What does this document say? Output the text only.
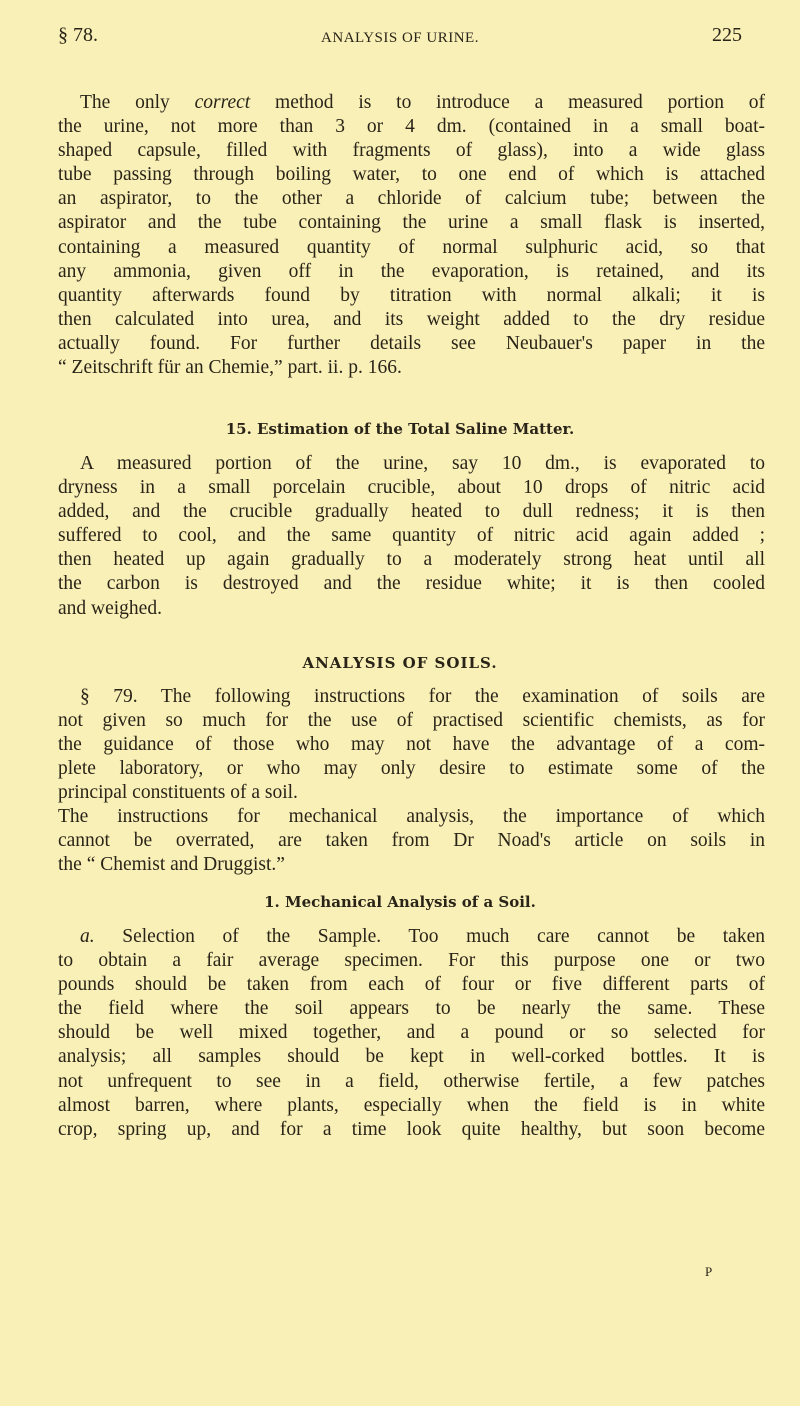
§ 78.	ANALYSIS OF URINE.	225
The only correct method is to introduce a measured portion of
the urine, not more than 3 or 4 dm. (contained in a small boat-
shaped capsule, filled with fragments of glass), into a wide glass
tube passing through boiling water, to one end of which is attached
an aspirator, to the other a chloride of calcium tube; between the
aspirator and the tube containing the urine a small flask is inserted,
containing a measured quantity of normal sulphuric acid, so that
any ammonia, given off in the evaporation, is retained, and its
quantity afterwards found by titration with normal alkali; it is
then calculated into urea, and its weight added to the dry residue
actually found. For further details see Neubauer's paper in the
“ Zeitschrift für an Chemie,” part. ii. p. 166.
15. Estimation of the Total Saline Matter.
A measured portion of the urine, say 10 dm., is evaporated to
dryness in a small porcelain crucible, about 10 drops of nitric acid
added, and the crucible gradually heated to dull redness; it is then
suffered to cool, and the same quantity of nitric acid again added ;
then heated up again gradually to a moderately strong heat until all
the carbon is destroyed and the residue white; it is then cooled
and weighed.
ANALYSIS OF SOILS.
§ 79. The following instructions for the examination of soils are
not given so much for the use of practised scientific chemists, as for
the guidance of those who may not have the advantage of a com-
plete laboratory, or who may only desire to estimate some of the
principal constituents of a soil.
The instructions for mechanical analysis, the importance of which
cannot be overrated, are taken from Dr Noad's article on soils in
the “ Chemist and Druggist.”
1. Mechanical Analysis of a Soil.
a. Selection of the Sample. Too much care cannot be taken
to obtain a fair average specimen. For this purpose one or two
pounds should be taken from each of four or five different parts of
the field where the soil appears to be nearly the same. These
should be well mixed together, and a pound or so selected for
analysis; all samples should be kept in well-corked bottles. It is
not unfrequent to see in a field, otherwise fertile, a few patches
almost barren, where plants, especially when the field is in white
crop, spring up, and for a time look quite healthy, but soon become
P
